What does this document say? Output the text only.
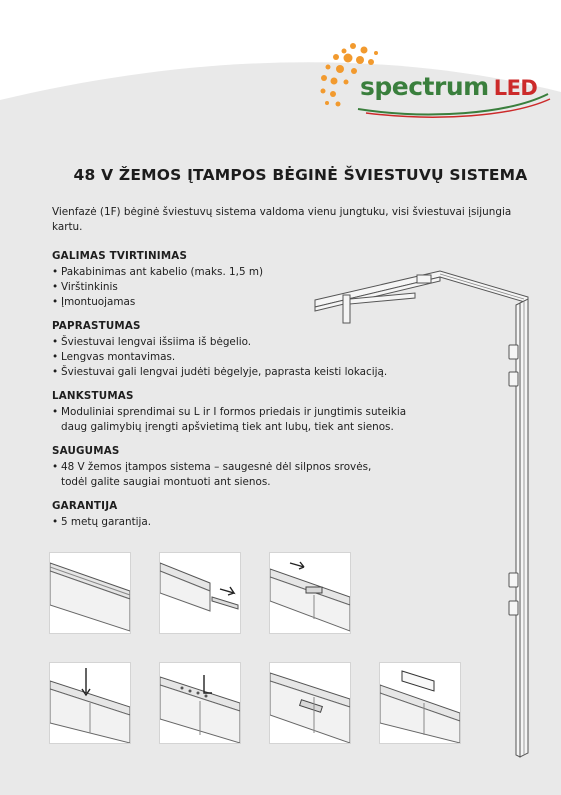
spectrum LED
48 V ŽEMOS ĮTAMPOS BĖGINĖ ŠVIESTUVŲ SISTEMA

Vienfazė (1F) bėginė šviestuvų sistema valdoma vienu jungtuku, visi šviestuvai įsijungia kartu.

GALIMAS TVIRTINIMAS
• Pakabinimas ant kabelio (maks. 1,5 m)
• Virštinkinis
• Įmontuojamas
PAPRASTUMAS
• Šviestuvai lengvai išsiima iš bėgelio.
• Lengvas montavimas.
• Šviestuvai gali lengvai judėti bėgelyje, paprasta keisti lokaciją.
LANKSTUMAS
• Moduliniai sprendimai su L ir I formos priedais ir jungtimis suteikia daug galimybių įrengti apšvietimą tiek ant lubų, tiek ant sienos.
SAUGUMAS
• 48 V žemos įtampos sistema – saugesnė dėl silpnos srovės, todėl galite saugiai montuoti ant sienos.
GARANTIJA
• 5 metų garantija.
